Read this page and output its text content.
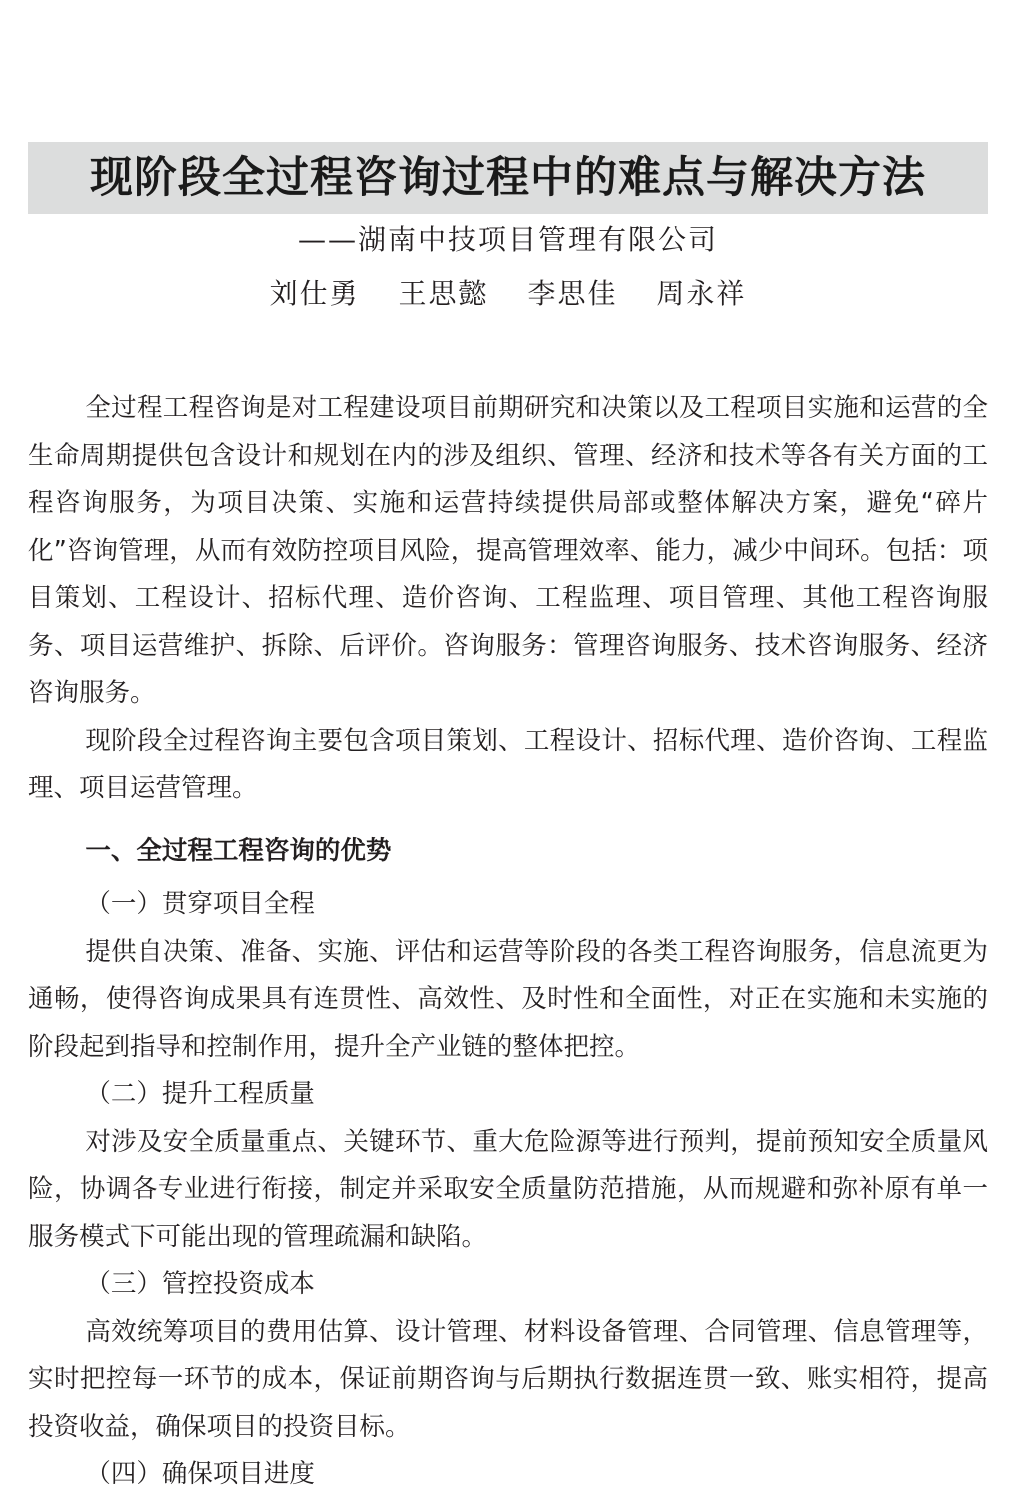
现阶段全过程咨询过程中的难点与解决方法
——湖南中技项目管理有限公司
刘仕勇 王思懿 李思佳 周永祥

全过程工程咨询是对工程建设项目前期研究和决策以及工程项目实施和运营的全生命周期提供包含设计和规划在内的涉及组织、管理、经济和技术等各有关方面的工程咨询服务，为项目决策、实施和运营持续提供局部或整体解决方案，避免“碎片化”咨询管理，从而有效防控项目风险，提高管理效率、能力，减少中间环。包括：项目策划、工程设计、招标代理、造价咨询、工程监理、项目管理、其他工程咨询服务、项目运营维护、拆除、后评价。咨询服务：管理咨询服务、技术咨询服务、经济咨询服务。

现阶段全过程咨询主要包含项目策划、工程设计、招标代理、造价咨询、工程监理、项目运营管理。

一、全过程工程咨询的优势

（一）贯穿项目全程

提供自决策、准备、实施、评估和运营等阶段的各类工程咨询服务，信息流更为通畅，使得咨询成果具有连贯性、高效性、及时性和全面性，对正在实施和未实施的阶段起到指导和控制作用，提升全产业链的整体把控。

（二）提升工程质量

对涉及安全质量重点、关键环节、重大危险源等进行预判，提前预知安全质量风险，协调各专业进行衔接，制定并采取安全质量防范措施，从而规避和弥补原有单一服务模式下可能出现的管理疏漏和缺陷。

（三）管控投资成本

高效统筹项目的费用估算、设计管理、材料设备管理、合同管理、信息管理等，实时把控每一环节的成本，保证前期咨询与后期执行数据连贯一致、账实相符，提高投资收益，确保项目的投资目标。

（四）确保项目进度
